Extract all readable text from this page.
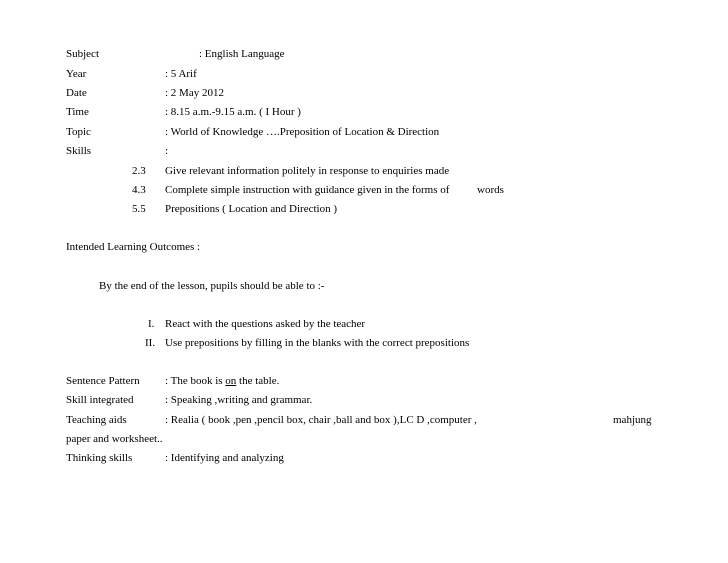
Subject	: English Language
Year	: 5 Arif
Date	: 2 May 2012
Time	: 8.15 a.m.-9.15 a.m. ( I Hour )
Topic	: World of Knowledge ….Preposition of Location & Direction
Skills	:
2.3 Give relevant information politely in response to enquiries made
4.3 Complete simple instruction with guidance given in the forms of	words
5.5 Prepositions ( Location and Direction )
Intended Learning Outcomes :
By the end of the lesson, pupils should be able to :-
I. React with the questions asked by the teacher
II. Use prepositions by filling in the blanks with the correct prepositions
Sentence Pattern : The book is on the table.
Skill integrated	: Speaking ,writing and grammar.
Teaching aids	: Realia ( book ,pen ,pencil box, chair ,ball and box ),LC D ,computer ,	mahjung
paper and worksheet..
Thinking skills	: Identifying and analyzing
